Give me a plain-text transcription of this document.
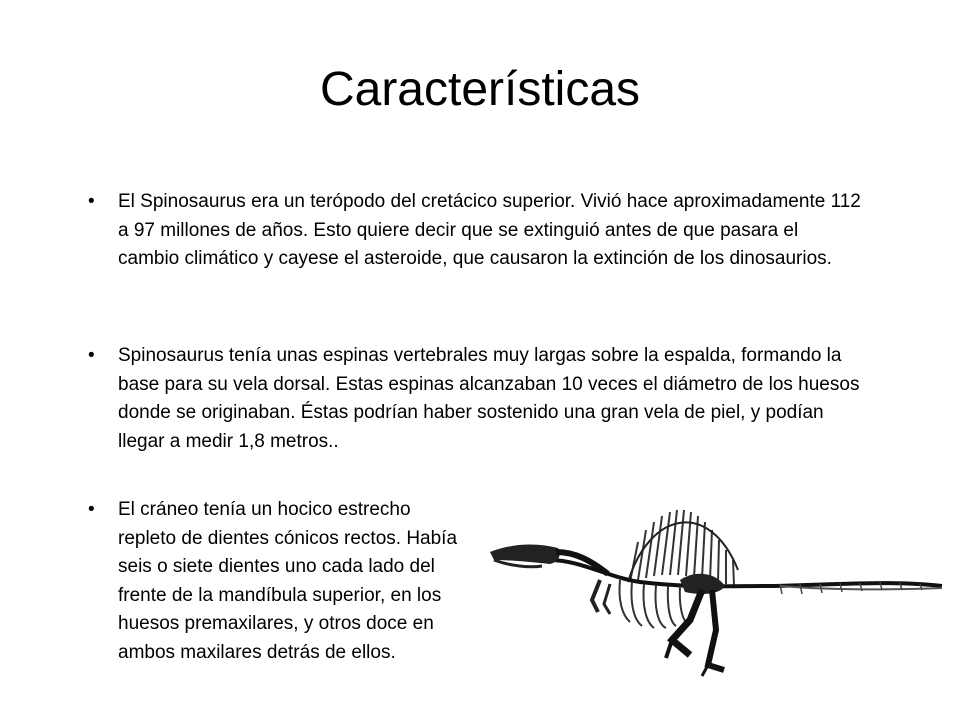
Características
• El Spinosaurus era un terópodo del cretácico superior. Vivió hace aproximadamente 112 a 97 millones de años. Esto quiere decir que se extinguió antes de que pasara el cambio climático y cayese el asteroide, que causaron la extinción de los dinosaurios.
• Spinosaurus tenía unas espinas vertebrales muy largas sobre la espalda, formando la base para su vela dorsal. Estas espinas alcanzaban 10 veces el diámetro de los huesos donde se originaban. Éstas podrían haber sostenido una gran vela de piel, y podían llegar a medir 1,8 metros..
• El cráneo tenía un hocico estrecho repleto de dientes cónicos rectos. Había seis o siete dientes uno cada lado del frente de la mandíbula superior, en los huesos premaxilares, y otros doce en ambos maxilares detrás de ellos.
